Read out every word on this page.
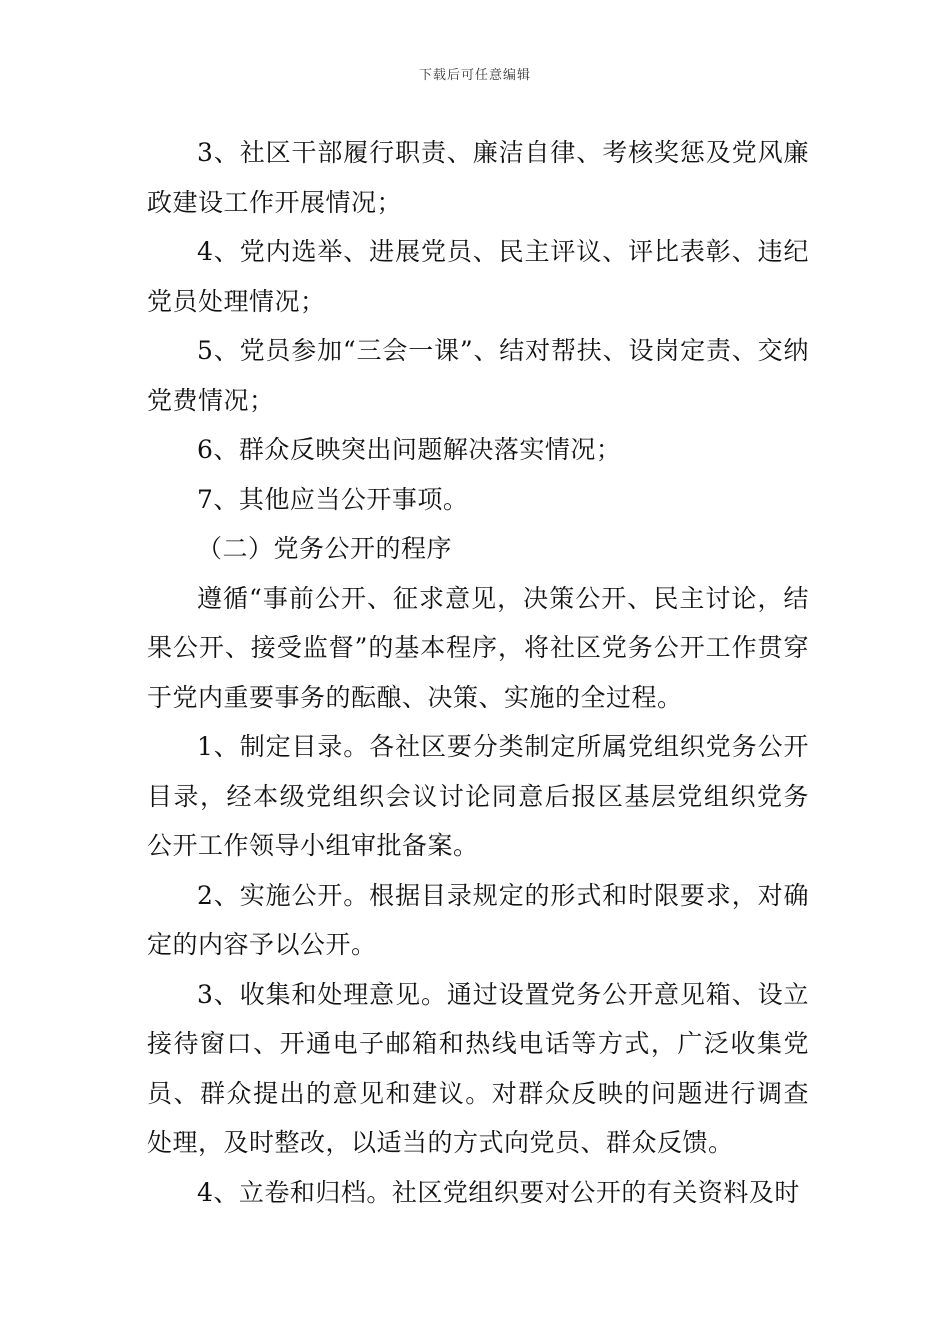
下载后可任意编辑

3、社区干部履行职责、廉洁自律、考核奖惩及党风廉政建设工作开展情况；

4、党内选举、进展党员、民主评议、评比表彰、违纪党员处理情况；

5、党员参加“三会一课”、结对帮扶、设岗定责、交纳党费情况；

6、群众反映突出问题解决落实情况；

7、其他应当公开事项。

（二）党务公开的程序

遵循“事前公开、征求意见，决策公开、民主讨论，结果公开、接受监督”的基本程序，将社区党务公开工作贯穿于党内重要事务的酝酿、决策、实施的全过程。

1、制定目录。各社区要分类制定所属党组织党务公开目录，经本级党组织会议讨论同意后报区基层党组织党务公开工作领导小组审批备案。

2、实施公开。根据目录规定的形式和时限要求，对确定的内容予以公开。

3、收集和处理意见。通过设置党务公开意见箱、设立接待窗口、开通电子邮箱和热线电话等方式，广泛收集党员、群众提出的意见和建议。对群众反映的问题进行调查处理，及时整改，以适当的方式向党员、群众反馈。

4、立卷和归档。社区党组织要对公开的有关资料及时
